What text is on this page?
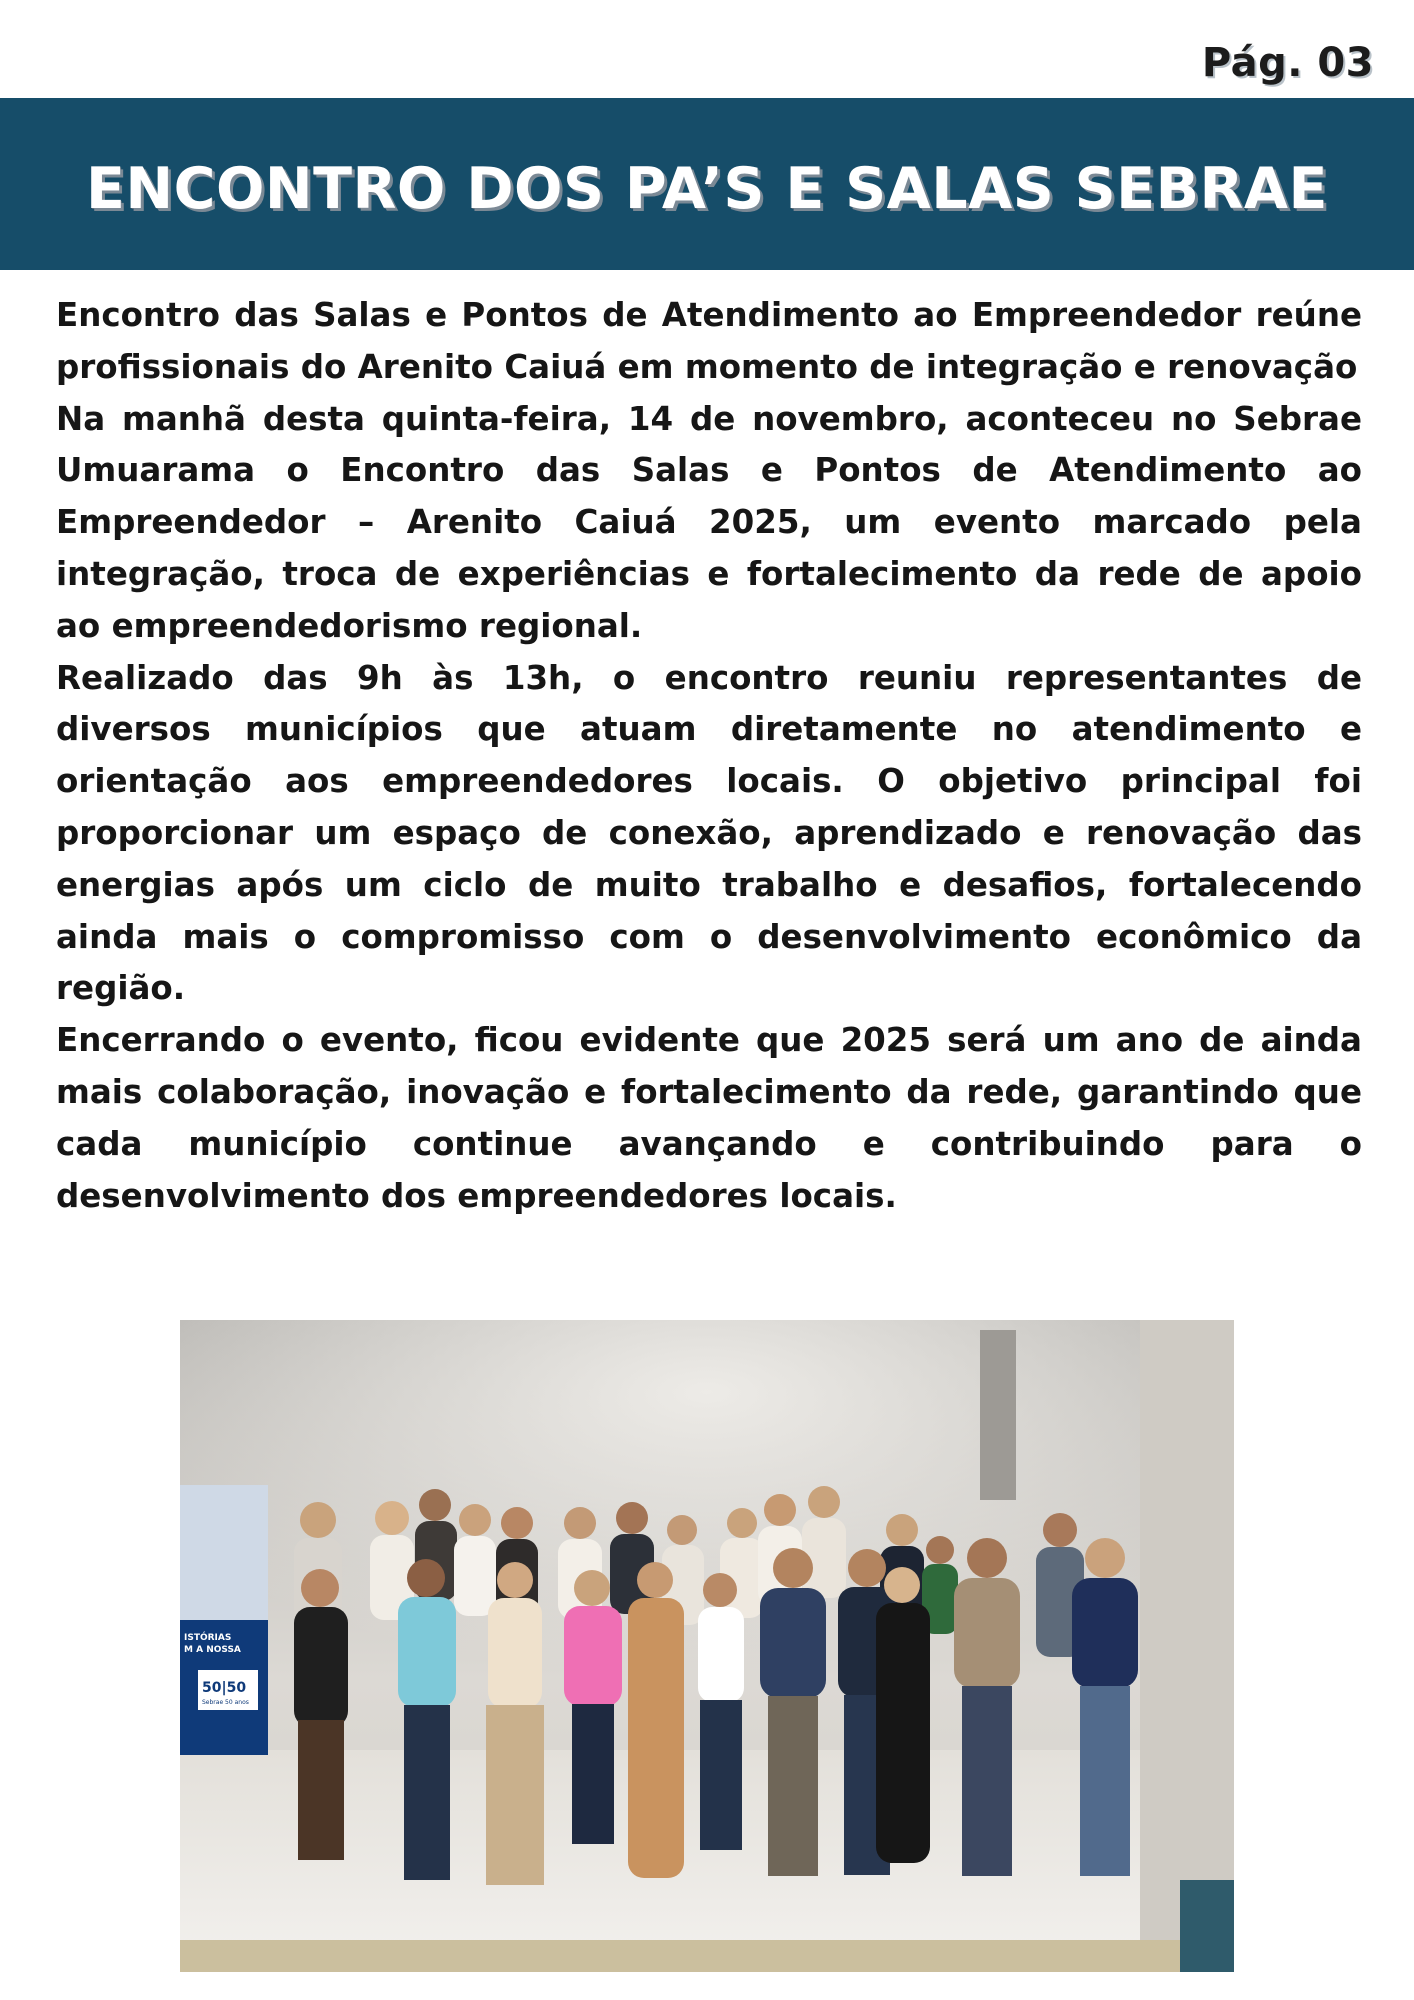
Pág. 03
ENCONTRO DOS PA’S E SALAS SEBRAE

Encontro das Salas e Pontos de Atendimento ao Empreendedor reúne profissionais do Arenito Caiuá em momento de integração e renovação

Na manhã desta quinta-feira, 14 de novembro, aconteceu no Sebrae Umuarama o Encontro das Salas e Pontos de Atendimento ao Empreendedor – Arenito Caiuá 2025, um evento marcado pela integração, troca de experiências e fortalecimento da rede de apoio ao empreendedorismo regional.

Realizado das 9h às 13h, o encontro reuniu representantes de diversos municípios que atuam diretamente no atendimento e orientação aos empreendedores locais. O objetivo principal foi proporcionar um espaço de conexão, aprendizado e renovação das energias após um ciclo de muito trabalho e desafios, fortalecendo ainda mais o compromisso com o desenvolvimento econômico da região.

Encerrando o evento, ficou evidente que 2025 será um ano de ainda mais colaboração, inovação e fortalecimento da rede, garantindo que cada município continue avançando e contribuindo para o desenvolvimento dos empreendedores locais.

ISTÓRIAS
M A NOSSA
50|50
Sebrae 50 anos
